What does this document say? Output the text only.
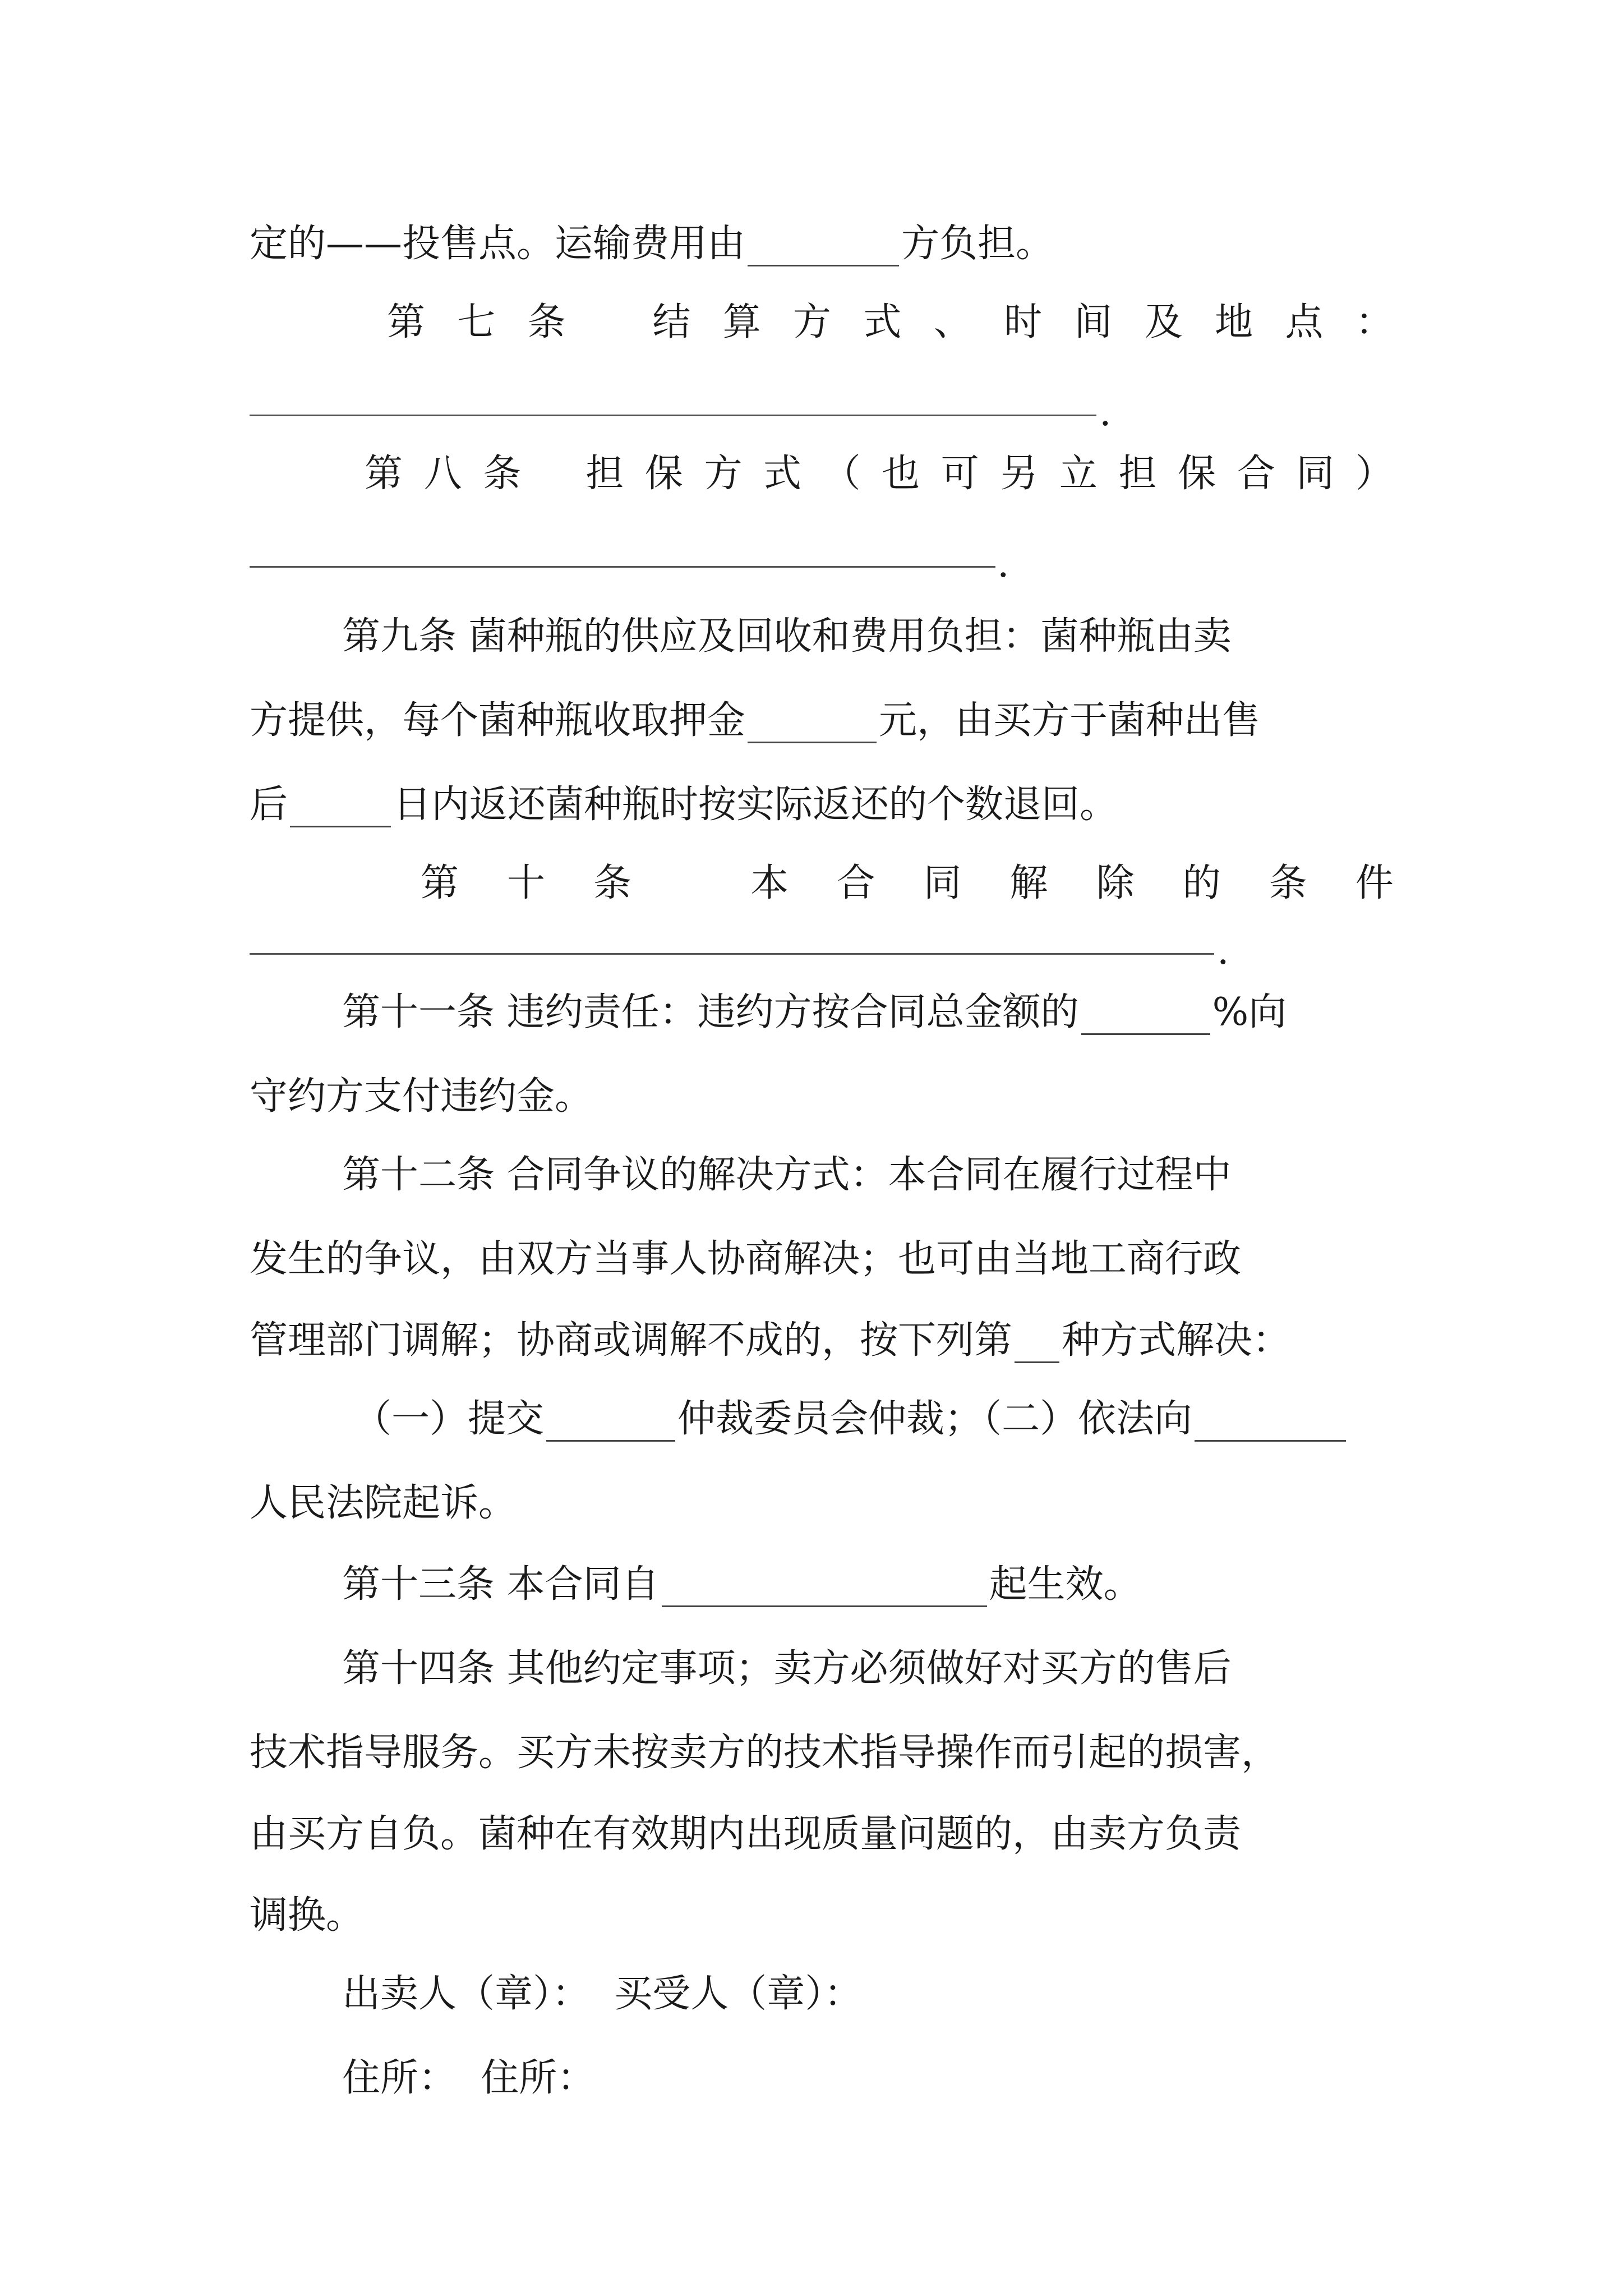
定的——投售点。运输费用由	方负担。
第 七 条 结 算 方 式 、 时 间 及 地 点 ：
.
第 八 条 担 保 方 式 （ 也 可 另 立 担 保 合 同 ）
.
第九条 菌种瓶的供应及回收和费用负担：菌种瓶由卖
方提供，每个菌种瓶收取押金	元，由买方于菌种出售
后	日内返还菌种瓶时按实际返还的个数退回。
第 十 条	本 合 同 解 除 的 条 件
.
第十一条 违约责任：违约方按合同总金额的	%向
守约方支付违约金。
第十二条 合同争议的解决方式：本合同在履行过程中
发生的争议，由双方当事人协商解决；也可由当地工商行政
管理部门调解；协商或调解不成的，按下列第 种方式解决：
（一）提交	仲裁委员会仲裁；（二）依法向
人民法院起诉。
第十三条 本合同自	起生效。
第十四条 其他约定事项；卖方必须做好对买方的售后
技术指导服务。买方未按卖方的技术指导操作而引起的损害，
由买方自负。菌种在有效期内出现质量问题的，由卖方负责
调换。
出卖人（章）：  买受人（章）：
住所：  住所：
